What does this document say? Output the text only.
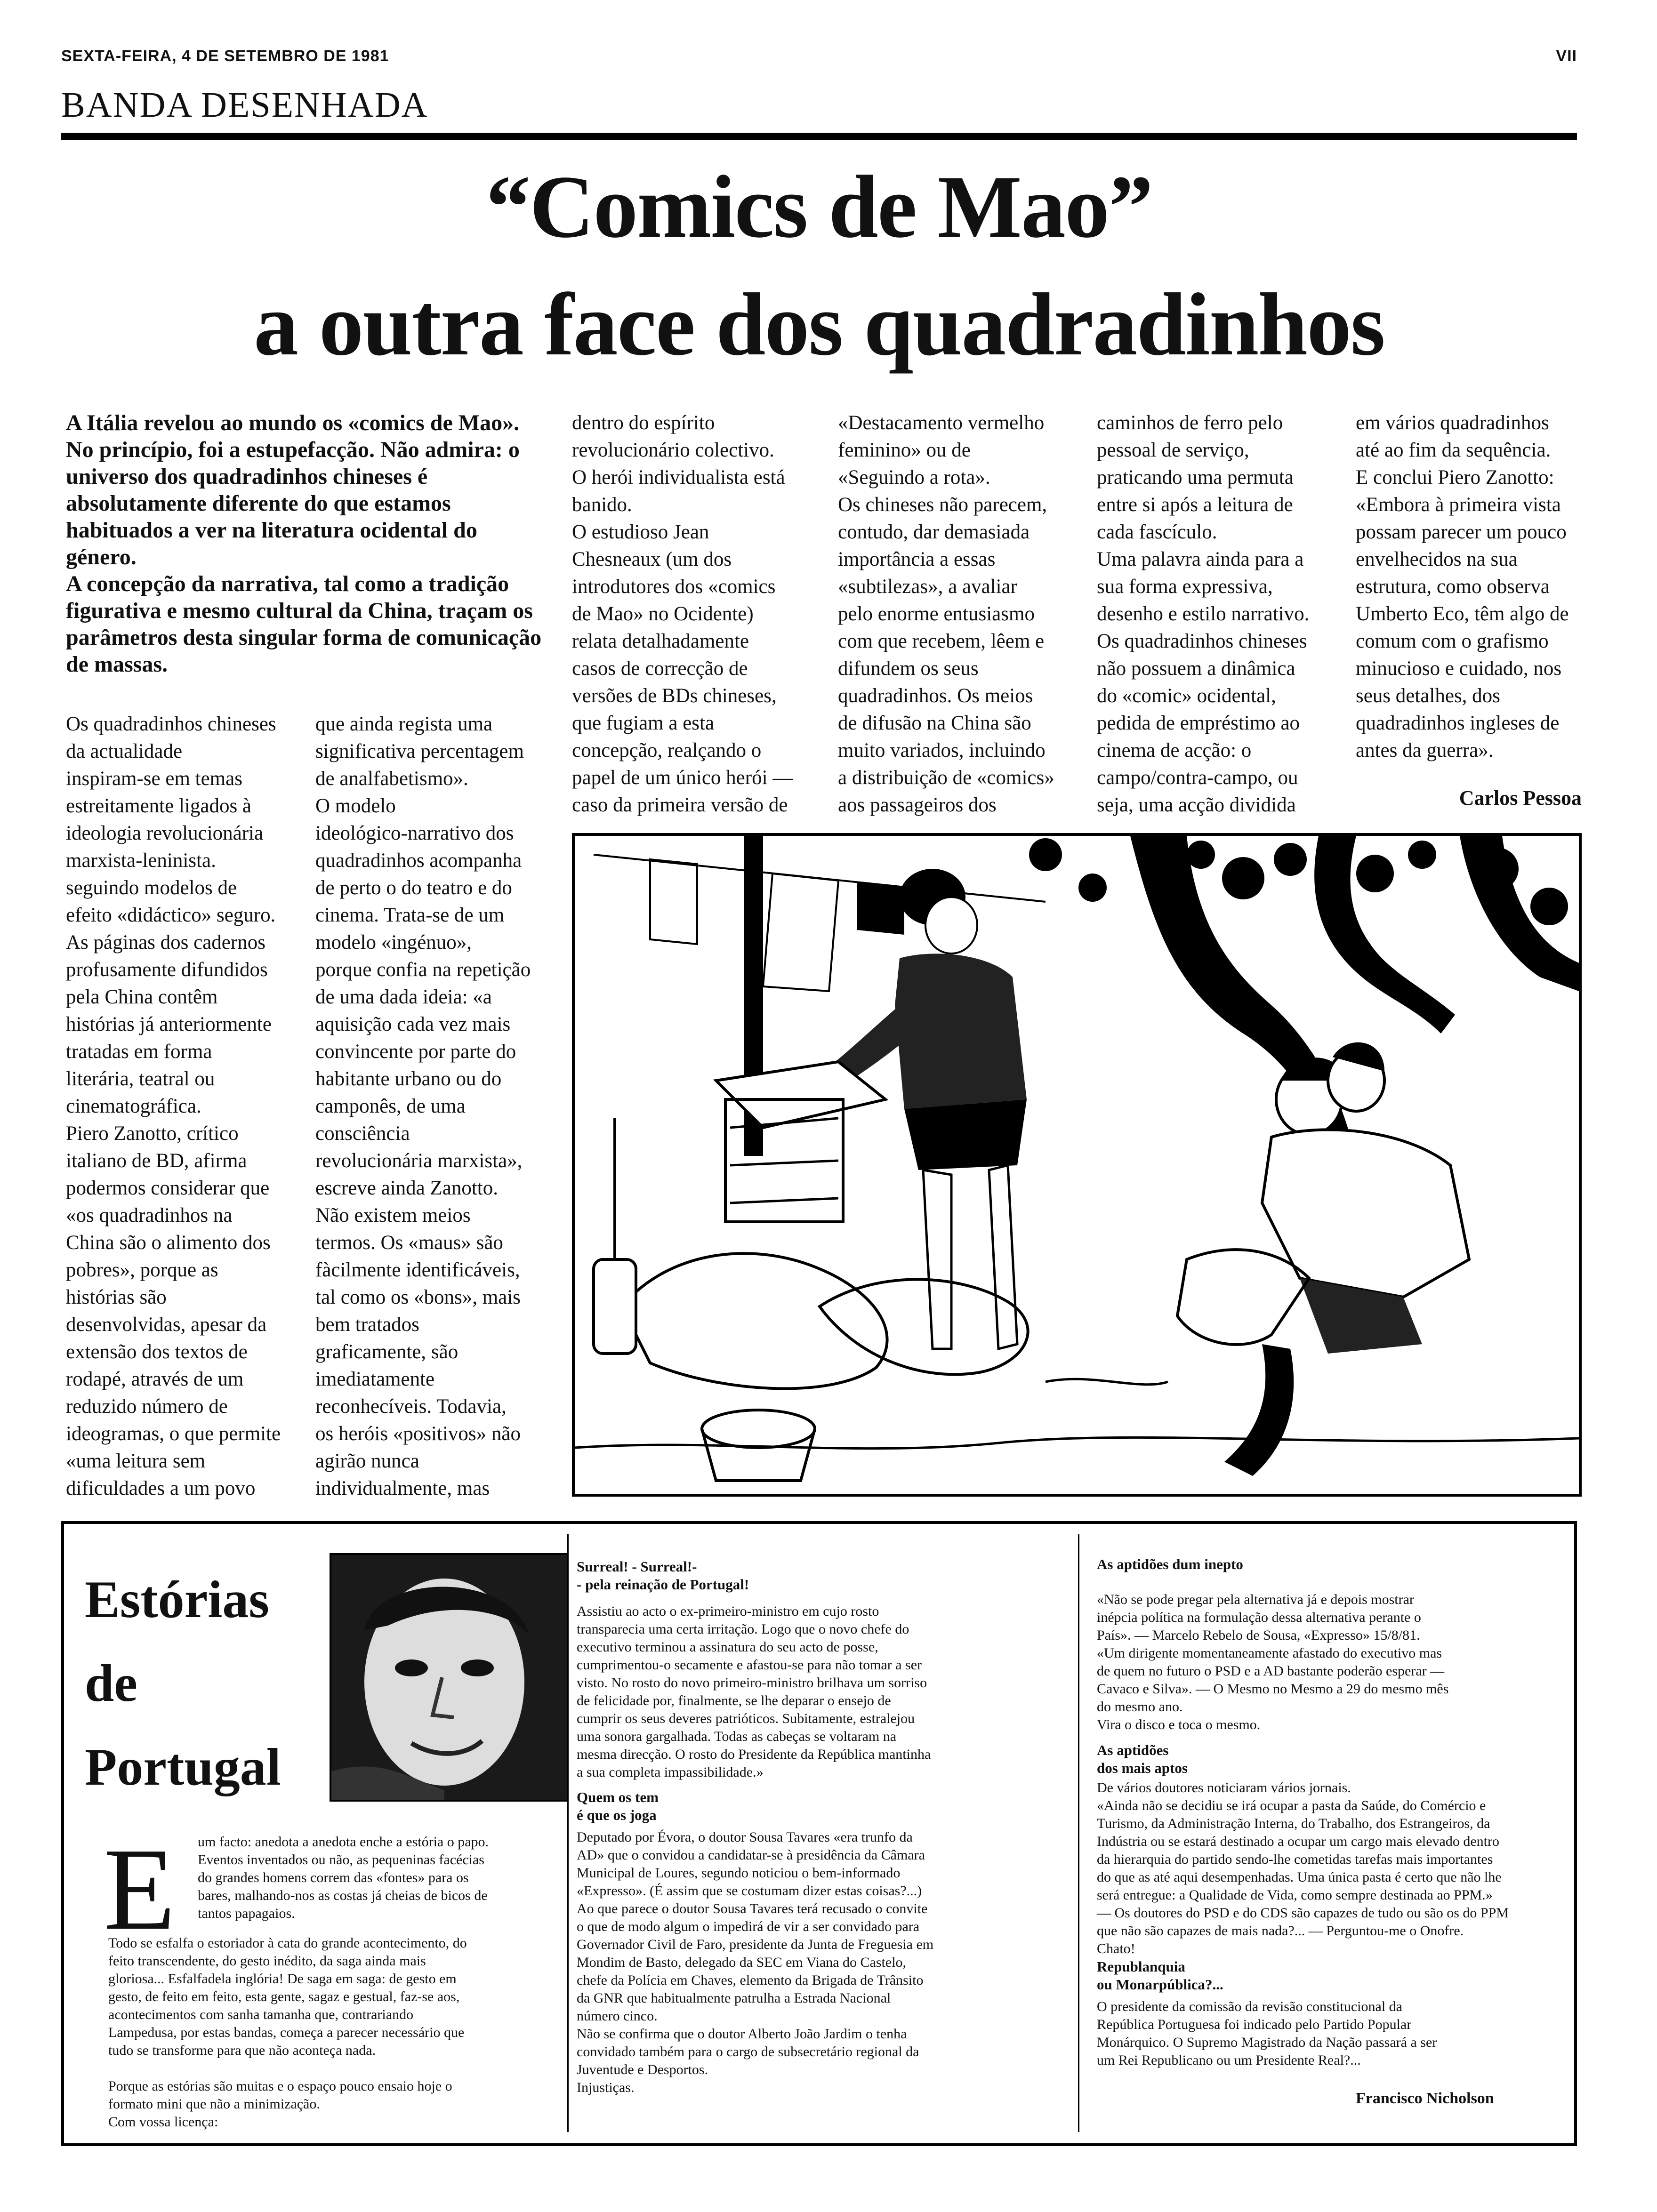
SEXTA-FEIRA, 4 DE SETEMBRO DE 1981	VII
BANDA DESENHADA
“Comics de Mao”
a outra face dos quadradinhos

A Itália revelou ao mundo os «comics de Mao». No princípio, foi a estupefacção. Não admira: o universo dos quadradinhos chineses é absolutamente diferente do que estamos habituados a ver na literatura ocidental do género.

A concepção da narrativa, tal como a tradição figurativa e mesmo cultural da China, traçam os parâmetros desta singular forma de comunicação de massas.

Os quadradinhos chineses
da actualidade
inspiram-se em temas
estreitamente ligados à
ideologia revolucionária
marxista-leninista.
seguindo modelos de
efeito «didáctico» seguro.
As páginas dos cadernos
profusamente difundidos
pela China contêm
histórias já anteriormente
tratadas em forma
literária, teatral ou
cinematográfica.
Piero Zanotto, crítico
italiano de BD, afirma
podermos considerar que
«os quadradinhos na
China são o alimento dos
pobres», porque as
histórias são
desenvolvidas, apesar da
extensão dos textos de
rodapé, através de um
reduzido número de
ideogramas, o que permite
«uma leitura sem
dificuldades a um povo
que ainda regista uma
significativa percentagem
de analfabetismo».
O modelo
ideológico-narrativo dos
quadradinhos acompanha
de perto o do teatro e do
cinema. Trata-se de um
modelo «ingénuo»,
porque confia na repetição
de uma dada ideia: «a
aquisição cada vez mais
convincente por parte do
habitante urbano ou do
camponês, de uma
consciência
revolucionária marxista»,
escreve ainda Zanotto.
Não existem meios
termos. Os «maus» são
fàcilmente identificáveis,
tal como os «bons», mais
bem tratados
graficamente, são
imediatamente
reconhecíveis. Todavia,
os heróis «positivos» não
agirão nunca
individualmente, mas
dentro do espírito
revolucionário colectivo.
O herói individualista está
banido.
O estudioso Jean
Chesneaux (um dos
introdutores dos «comics
de Mao» no Ocidente)
relata detalhadamente
casos de correcção de
versões de BDs chineses,
que fugiam a esta
concepção, realçando o
papel de um único herói —
caso da primeira versão de
«Destacamento vermelho
feminino» ou de
«Seguindo a rota».
Os chineses não parecem,
contudo, dar demasiada
importância a essas
«subtilezas», a avaliar
pelo enorme entusiasmo
com que recebem, lêem e
difundem os seus
quadradinhos. Os meios
de difusão na China são
muito variados, incluindo
a distribuição de «comics»
aos passageiros dos
caminhos de ferro pelo
pessoal de serviço,
praticando uma permuta
entre si após a leitura de
cada fascículo.
Uma palavra ainda para a
sua forma expressiva,
desenho e estilo narrativo.
Os quadradinhos chineses
não possuem a dinâmica
do «comic» ocidental,
pedida de empréstimo ao
cinema de acção: o
campo/contra-campo, ou
seja, uma acção dividida
em vários quadradinhos
até ao fim da sequência.
E conclui Piero Zanotto:
«Embora à primeira vista
possam parecer um pouco
envelhecidos na sua
estrutura, como observa
Umberto Eco, têm algo de
comum com o grafismo
minucioso e cuidado, nos
seus detalhes, dos
quadradinhos ingleses de
antes da guerra».
Carlos Pessoa
Estórias
de
Portugal
E um facto: anedota a anedota enche a estória o papo.
Eventos inventados ou não, as pequeninas facécias
do grandes homens correm das «fontes» para os
bares, malhando-nos as costas já cheias de bicos de
tantos papagaios.
Todo se esfalfa o estoriador à cata do grande acontecimento, do
feito transcendente, do gesto inédito, da saga ainda mais
gloriosa... Esfalfadela inglória! De saga em saga: de gesto em
gesto, de feito em feito, esta gente, sagaz e gestual, faz-se aos,
acontecimentos com sanha tamanha que, contrariando
Lampedusa, por estas bandas, começa a parecer necessário que
tudo se transforme para que não aconteça nada.

Porque as estórias são muitas e o espaço pouco ensaio hoje o
formato mini que não a minimização.
Com vossa licença:
Surreal! - Surreal!-
- pela reinação de Portugal!
Assistiu ao acto o ex-primeiro-ministro em cujo rosto
transparecia uma certa irritação. Logo que o novo chefe do
executivo terminou a assinatura do seu acto de posse,
cumprimentou-o secamente e afastou-se para não tomar a ser
visto. No rosto do novo primeiro-ministro brilhava um sorriso
de felicidade por, finalmente, se lhe deparar o ensejo de
cumprir os seus deveres patrióticos. Subitamente, estralejou
uma sonora gargalhada. Todas as cabeças se voltaram na
mesma direcção. O rosto do Presidente da República mantinha
a sua completa impassibilidade.»
Quem os tem
é que os joga
Deputado por Évora, o doutor Sousa Tavares «era trunfo da
AD» que o convidou a candidatar-se à presidência da Câmara
Municipal de Loures, segundo noticiou o bem-informado
«Expresso». (É assim que se costumam dizer estas coisas?...)
Ao que parece o doutor Sousa Tavares terá recusado o convite
o que de modo algum o impedirá de vir a ser convidado para
Governador Civil de Faro, presidente da Junta de Freguesia em
Mondim de Basto, delegado da SEC em Viana do Castelo,
chefe da Polícia em Chaves, elemento da Brigada de Trânsito
da GNR que habitualmente patrulha a Estrada Nacional
número cinco.
Não se confirma que o doutor Alberto João Jardim o tenha
convidado também para o cargo de subsecretário regional da
Juventude e Desportos.
Injustiças.
As aptidões dum inepto
«Não se pode pregar pela alternativa já e depois mostrar
inépcia política na formulação dessa alternativa perante o
País». — Marcelo Rebelo de Sousa, «Expresso» 15/8/81.
«Um dirigente momentaneamente afastado do executivo mas
de quem no futuro o PSD e a AD bastante poderão esperar —
Cavaco e Silva». — O Mesmo no Mesmo a 29 do mesmo mês
do mesmo ano.
Vira o disco e toca o mesmo.
As aptidões
dos mais aptos
De vários doutores noticiaram vários jornais.
«Ainda não se decidiu se irá ocupar a pasta da Saúde, do Comércio e
Turismo, da Administração Interna, do Trabalho, dos Estrangeiros, da
Indústria ou se estará destinado a ocupar um cargo mais elevado dentro
da hierarquia do partido sendo-lhe cometidas tarefas mais importantes
do que as até aqui desempenhadas. Uma única pasta é certo que não lhe
será entregue: a Qualidade de Vida, como sempre destinada ao PPM.»
— Os doutores do PSD e do CDS são capazes de tudo ou são os do PPM
que não são capazes de mais nada?... — Perguntou-me o Onofre.
Chato!
Republanquia
ou Monarpública?...
O presidente da comissão da revisão constitucional da
República Portuguesa foi indicado pelo Partido Popular
Monárquico. O Supremo Magistrado da Nação passará a ser
um Rei Republicano ou um Presidente Real?...
Francisco Nicholson
